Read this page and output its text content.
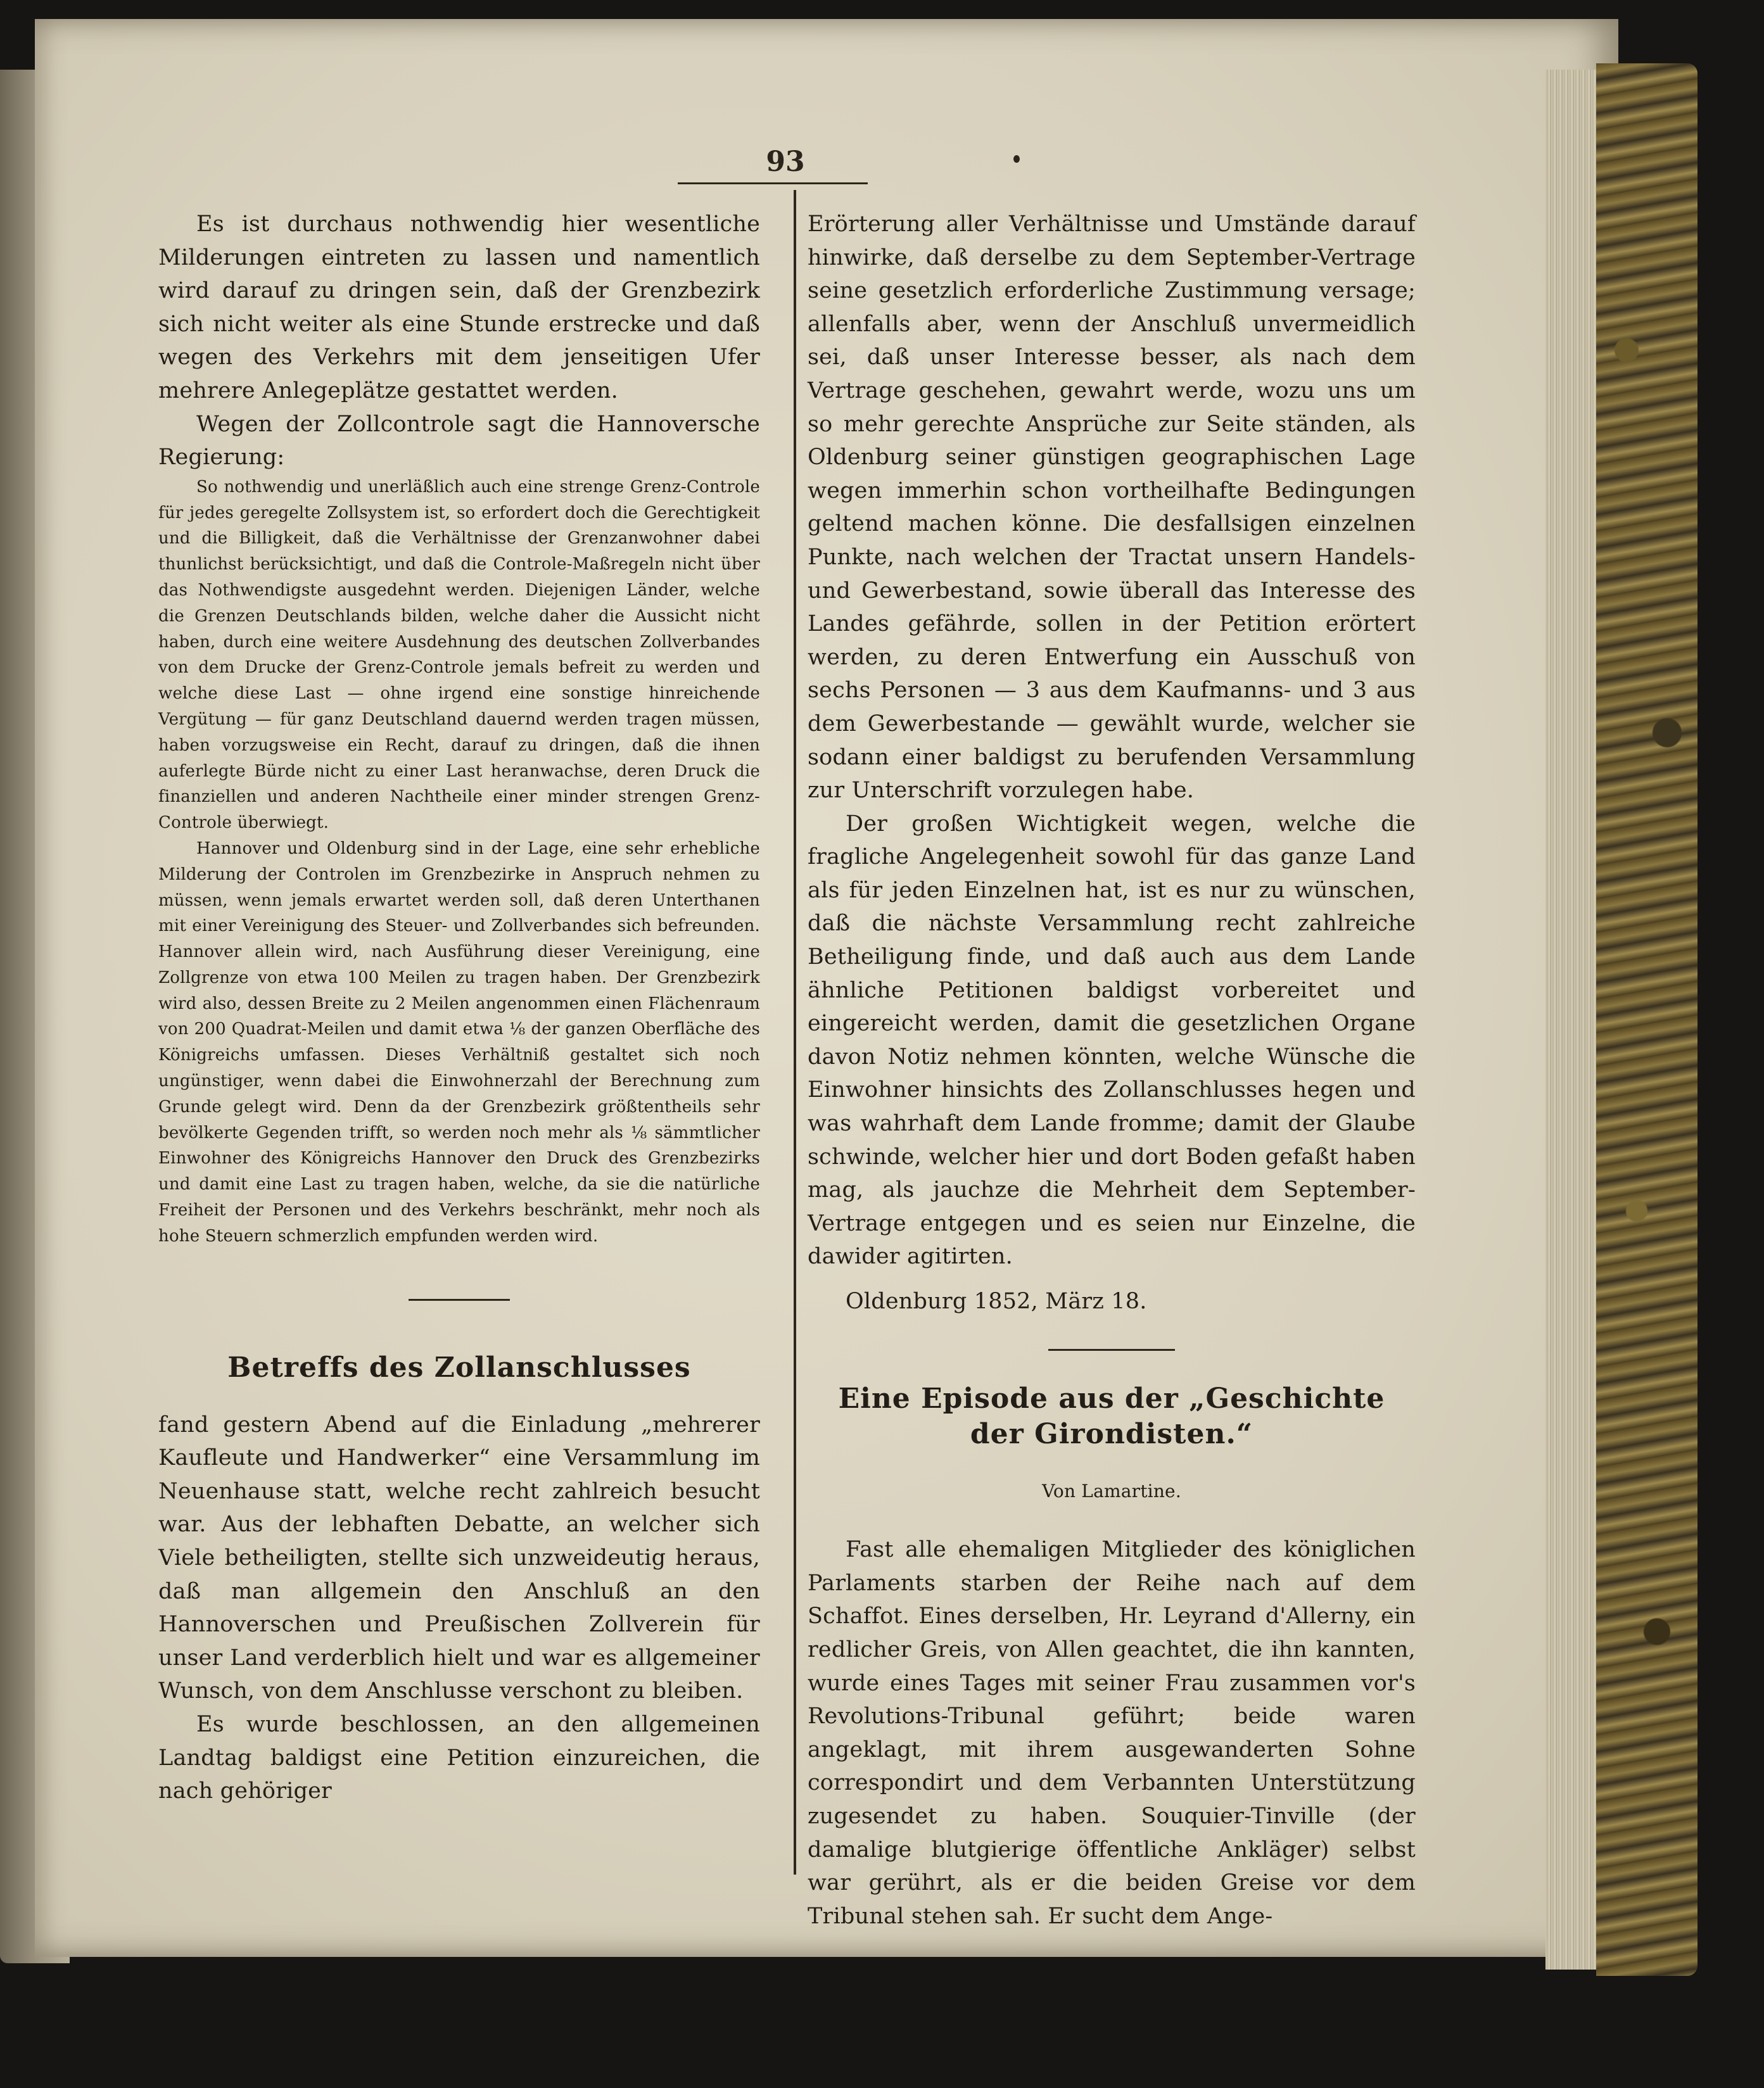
93

Es ist durchaus nothwendig hier wesentliche Milderungen eintreten zu lassen und namentlich wird darauf zu dringen sein, daß der Grenzbezirk sich nicht weiter als eine Stunde erstrecke und daß wegen des Verkehrs mit dem jenseitigen Ufer mehrere Anlegeplätze gestattet werden.

Wegen der Zollcontrole sagt die Hannoversche Regierung:

So nothwendig und unerläßlich auch eine strenge Grenz-Controle für jedes geregelte Zollsystem ist, so erfordert doch die Gerechtigkeit und die Billigkeit, daß die Verhältnisse der Grenzanwohner dabei thunlichst berücksichtigt, und daß die Controle-Maßregeln nicht über das Nothwendigste ausgedehnt werden. Diejenigen Länder, welche die Grenzen Deutschlands bilden, welche daher die Aussicht nicht haben, durch eine weitere Ausdehnung des deutschen Zollverbandes von dem Drucke der Grenz-Controle jemals befreit zu werden und welche diese Last — ohne irgend eine sonstige hinreichende Vergütung — für ganz Deutschland dauernd werden tragen müssen, haben vorzugsweise ein Recht, darauf zu dringen, daß die ihnen auferlegte Bürde nicht zu einer Last heranwachse, deren Druck die finanziellen und anderen Nachtheile einer minder strengen Grenz-Controle überwiegt.

Hannover und Oldenburg sind in der Lage, eine sehr erhebliche Milderung der Controlen im Grenzbezirke in Anspruch nehmen zu müssen, wenn jemals erwartet werden soll, daß deren Unterthanen mit einer Vereinigung des Steuer- und Zollverbandes sich befreunden. Hannover allein wird, nach Ausführung dieser Vereinigung, eine Zollgrenze von etwa 100 Meilen zu tragen haben. Der Grenzbezirk wird also, dessen Breite zu 2 Meilen angenommen einen Flächenraum von 200 Quadrat-Meilen und damit etwa ⅛ der ganzen Oberfläche des Königreichs umfassen. Dieses Verhältniß gestaltet sich noch ungünstiger, wenn dabei die Einwohnerzahl der Berechnung zum Grunde gelegt wird. Denn da der Grenzbezirk größtentheils sehr bevölkerte Gegenden trifft, so werden noch mehr als ⅛ sämmtlicher Einwohner des Königreichs Hannover den Druck des Grenzbezirks und damit eine Last zu tragen haben, welche, da sie die natürliche Freiheit der Personen und des Verkehrs beschränkt, mehr noch als hohe Steuern schmerzlich empfunden werden wird.

Betreffs des Zollanschlusses

fand gestern Abend auf die Einladung „mehrerer Kaufleute und Handwerker“ eine Versammlung im Neuenhause statt, welche recht zahlreich besucht war. Aus der lebhaften Debatte, an welcher sich Viele betheiligten, stellte sich unzweideutig heraus, daß man allgemein den Anschluß an den Hannoverschen und Preußischen Zollverein für unser Land verderblich hielt und war es allgemeiner Wunsch, von dem Anschlusse verschont zu bleiben.

Es wurde beschlossen, an den allgemeinen Landtag baldigst eine Petition einzureichen, die nach gehöriger

Erörterung aller Verhältnisse und Umstände darauf hinwirke, daß derselbe zu dem September-Vertrage seine gesetzlich erforderliche Zustimmung versage; allenfalls aber, wenn der Anschluß unvermeidlich sei, daß unser Interesse besser, als nach dem Vertrage geschehen, gewahrt werde, wozu uns um so mehr gerechte Ansprüche zur Seite ständen, als Oldenburg seiner günstigen geographischen Lage wegen immerhin schon vortheilhafte Bedingungen geltend machen könne. Die desfallsigen einzelnen Punkte, nach welchen der Tractat unsern Handels- und Gewerbestand, sowie überall das Interesse des Landes gefährde, sollen in der Petition erörtert werden, zu deren Entwerfung ein Ausschuß von sechs Personen — 3 aus dem Kaufmanns- und 3 aus dem Gewerbestande — gewählt wurde, welcher sie sodann einer baldigst zu berufenden Versammlung zur Unterschrift vorzulegen habe.

Der großen Wichtigkeit wegen, welche die fragliche Angelegenheit sowohl für das ganze Land als für jeden Einzelnen hat, ist es nur zu wünschen, daß die nächste Versammlung recht zahlreiche Betheiligung finde, und daß auch aus dem Lande ähnliche Petitionen baldigst vorbereitet und eingereicht werden, damit die gesetzlichen Organe davon Notiz nehmen könnten, welche Wünsche die Einwohner hinsichts des Zollanschlusses hegen und was wahrhaft dem Lande fromme; damit der Glaube schwinde, welcher hier und dort Boden gefaßt haben mag, als jauchze die Mehrheit dem September-Vertrage entgegen und es seien nur Einzelne, die dawider agitirten.

Oldenburg 1852, März 18.

Eine Episode aus der „Geschichte der Girondisten.“
Von Lamartine.

Fast alle ehemaligen Mitglieder des königlichen Parlaments starben der Reihe nach auf dem Schaffot. Eines derselben, Hr. Leyrand d'Allerny, ein redlicher Greis, von Allen geachtet, die ihn kannten, wurde eines Tages mit seiner Frau zusammen vor's Revolutions-Tribunal geführt; beide waren angeklagt, mit ihrem ausgewanderten Sohne correspondirt und dem Verbannten Unterstützung zugesendet zu haben. Souquier-Tinville (der damalige blutgierige öffentliche Ankläger) selbst war gerührt, als er die beiden Greise vor dem Tribunal stehen sah. Er sucht dem Ange-
